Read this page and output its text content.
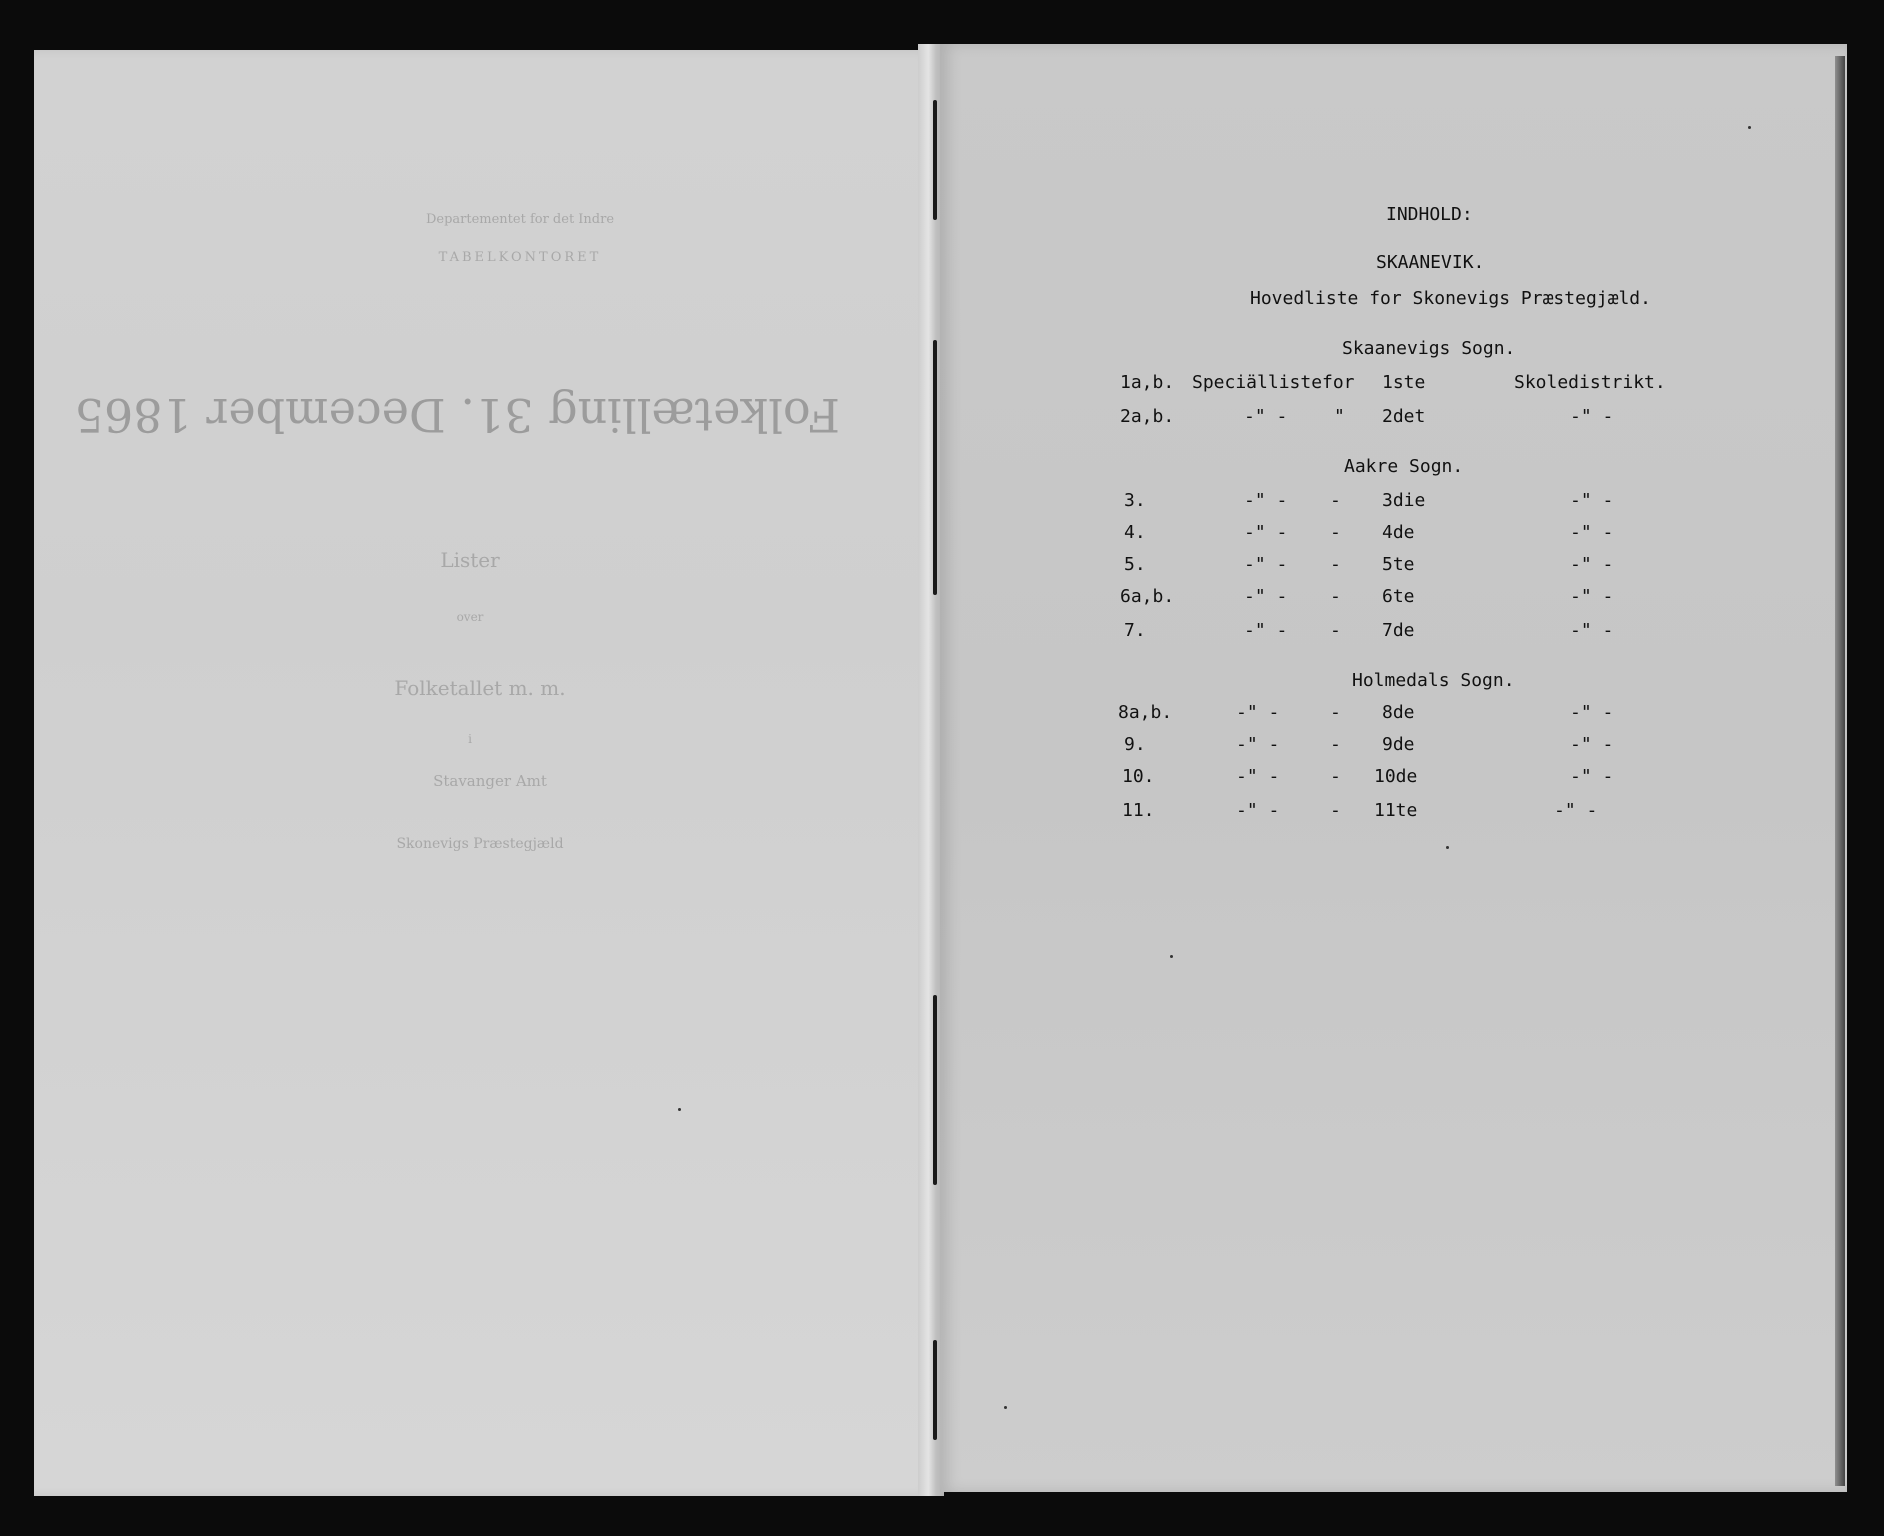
Departementet for det Indre
TABELKONTORET
Folketælling 31. December 1865
Lister
over
Folketallet m. m.
i
Stavanger Amt
Skonevigs Præstegjæld
INDHOLD:
SKAANEVIK.
Hovedliste for Skonevigs Præstegjæld.
Skaanevigs Sogn.
1a,b. Speciälliste for 1ste	Skoledistrikt.
2a,b.	-" -	" 2det	-" -
Aakre Sogn.
3.	-" - - 3die	-" -
4.	-" - - 4de	-" -
5.	-" - - 5te	-" -
6a,b.	-" - - 6te	-" -
7.	-" - - 7de	-" -
Holmedals Sogn.
8a,b.	-" -	- 8de	-" -
9.	-" -	- 9de	-" -
10.	-" -	- 10de	-" -
11.	-" -	- 11te	-" -
